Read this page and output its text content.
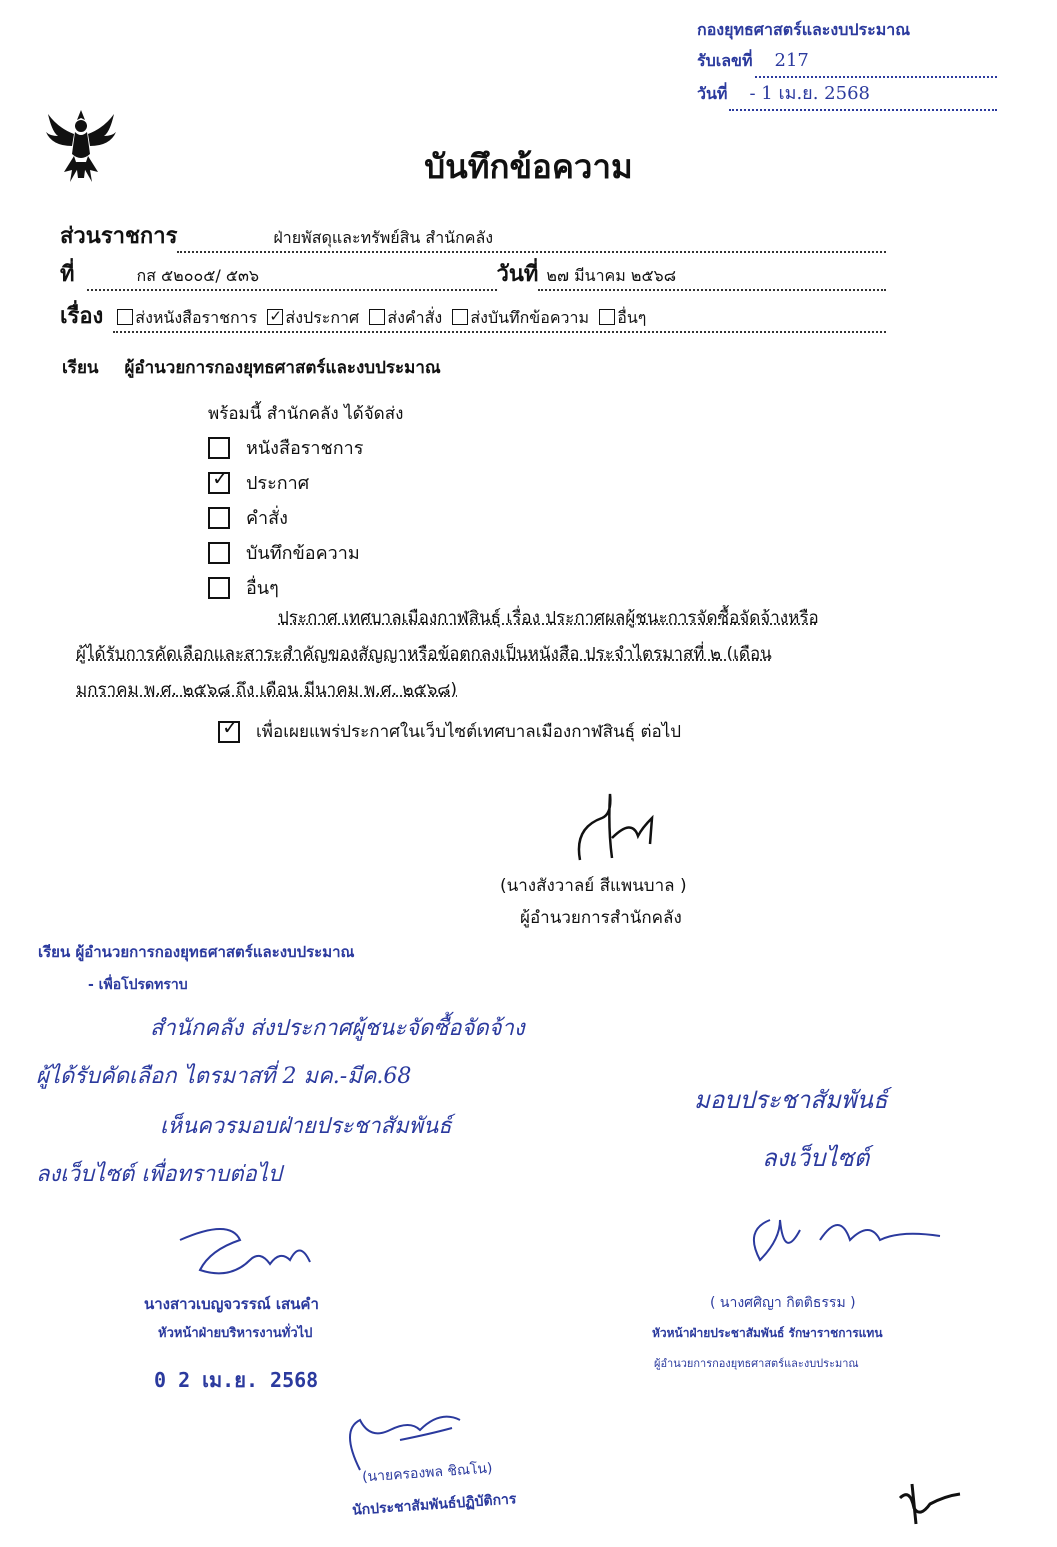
กองยุทธศาสตร์และงบประมาณ
รับเลขที่	217
วันที่	- 1 เม.ย. 2568
บันทึกข้อความ
ส่วนราชการ	ฝ่ายพัสดุและทรัพย์สิน สำนักคลัง
ที่	กส ๕๒๐๐๕/ ๕๓๖	วันที่ ๒๗ มีนาคม ๒๕๖๘
เรื่อง	ส่งหนังสือราชการ ✓ ส่งประกาศ ส่งคำสั่ง ส่งบันทึกข้อความ อื่นๆ
เรียน ผู้อำนวยการกองยุทธศาสตร์และงบประมาณ
พร้อมนี้ สำนักคลัง ได้จัดส่ง
หนังสือราชการ
✓ ประกาศ
คำสั่ง
บันทึกข้อความ
อื่นๆ
ประกาศ เทศบาลเมืองกาฬสินธุ์ เรื่อง ประกาศผลผู้ชนะการจัดซื้อจัดจ้างหรือ
ผู้ได้รับการคัดเลือกและสาระสำคัญของสัญญาหรือข้อตกลงเป็นหนังสือ ประจำไตรมาสที่ ๒ (เดือน
มกราคม พ.ศ. ๒๕๖๘ ถึง เดือน มีนาคม พ.ศ. ๒๕๖๘)
✓ เพื่อเผยแพร่ประกาศในเว็บไซต์เทศบาลเมืองกาฬสินธุ์ ต่อไป
(นางสังวาลย์ สีแพนบาล )
ผู้อำนวยการสำนักคลัง
เรียน ผู้อำนวยการกองยุทธศาสตร์และงบประมาณ
- เพื่อโปรดทราบ
สำนักคลัง ส่งประกาศผู้ชนะจัดซื้อจัดจ้าง
ผู้ได้รับคัดเลือก ไตรมาสที่ 2 มค.-มีค.68
เห็นควรมอบฝ่ายประชาสัมพันธ์
ลงเว็บไซต์ เพื่อทราบต่อไป
นางสาวเบญจวรรณ์ เสนคำ
หัวหน้าฝ่ายบริหารงานทั่วไป
0 2 เม.ย. 2568
มอบประชาสัมพันธ์
ลงเว็บไซต์
( นางศศิญา กิตติธรรม )
หัวหน้าฝ่ายประชาสัมพันธ์ รักษาราชการแทน
ผู้อำนวยการกองยุทธศาสตร์และงบประมาณ
(นายครองพล ชิณโน)
นักประชาสัมพันธ์ปฏิบัติการ
